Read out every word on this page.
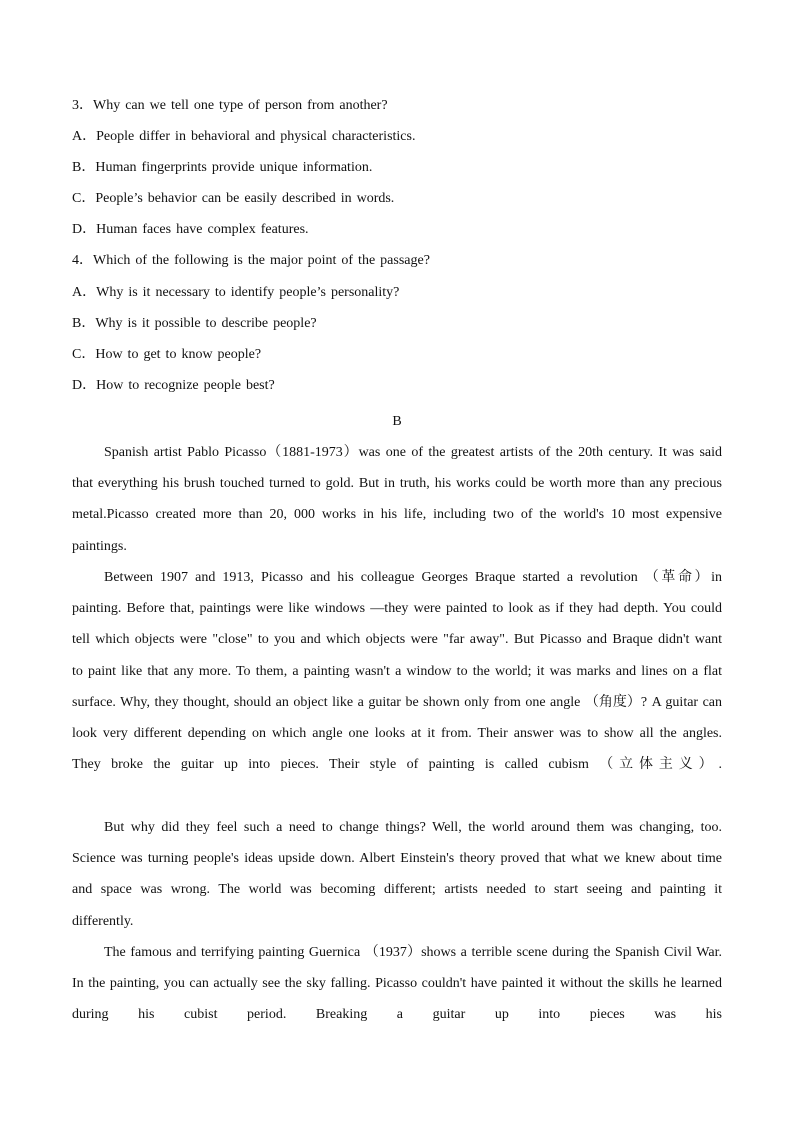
3．Why can we tell one type of person from another?
A．People differ in behavioral and physical characteristics.
B．Human fingerprints provide unique information.
C．People’s behavior can be easily described in words.
D．Human faces have complex features.
4．Which of the following is the major point of the passage?
A．Why is it necessary to identify people’s personality?
B．Why is it possible to describe people?
C．How to get to know people?
D．How to recognize people best?
B

Spanish artist Pablo Picasso（1881-1973）was one of the greatest artists of the 20th century. It was said that everything his brush touched turned to gold. But in truth, his works could be worth more than any precious metal.Picasso created more than 20, 000 works in his life, including two of the world's 10 most expensive paintings.

Between 1907 and 1913, Picasso and his colleague Georges Braque started a revolution （革命）in painting. Before that, paintings were like windows —they were painted to look as if they had depth. You could tell which objects were "close" to you and which objects were "far away". But Picasso and Braque didn't want to paint like that any more. To them, a painting wasn't a window to the world; it was marks and lines on a flat surface. Why, they thought, should an object like a guitar be shown only from one angle （角度）? A guitar can look very different depending on which angle one looks at it from. Their answer was to show all the angles. They broke the guitar up into pieces. Their style of painting is called cubism （立体主义）.

But why did they feel such a need to change things? Well, the world around them was changing, too. Science was turning people's ideas upside down. Albert Einstein's theory proved that what we knew about time and space was wrong. The world was becoming different; artists needed to start seeing and painting it differently.

The famous and terrifying painting Guernica （1937）shows a terrible scene during the Spanish Civil War. In the painting, you can actually see the sky falling. Picasso couldn't have painted it without the skills he learned during his cubist period. Breaking a guitar up into pieces was his
